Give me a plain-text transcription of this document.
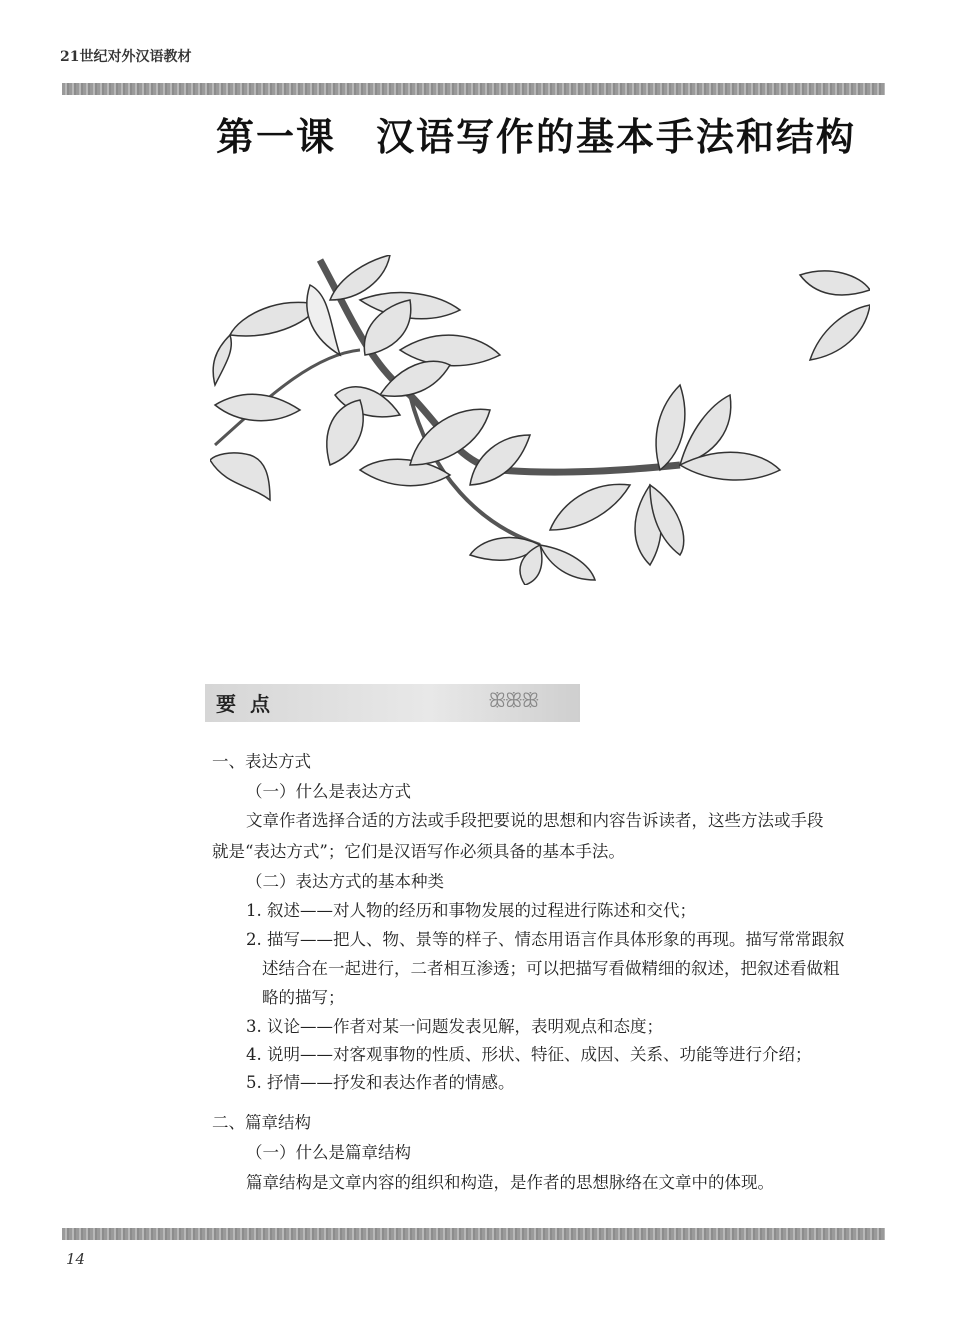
21世纪对外汉语教材
第一课　汉语写作的基本手法和结构
要点	ꕥꕥꕥ
一、表达方式
（一）什么是表达方式
文章作者选择合适的方法或手段把要说的思想和内容告诉读者，这些方法或手段
就是“表达方式”；它们是汉语写作必须具备的基本手法。
（二）表达方式的基本种类
1. 叙述——对人物的经历和事物发展的过程进行陈述和交代；
2. 描写——把人、物、景等的样子、情态用语言作具体形象的再现。描写常常跟叙
述结合在一起进行，二者相互渗透；可以把描写看做精细的叙述，把叙述看做粗
略的描写；
3. 议论——作者对某一问题发表见解，表明观点和态度；
4. 说明——对客观事物的性质、形状、特征、成因、关系、功能等进行介绍；
5. 抒情——抒发和表达作者的情感。
二、篇章结构
（一）什么是篇章结构
篇章结构是文章内容的组织和构造，是作者的思想脉络在文章中的体现。
14
